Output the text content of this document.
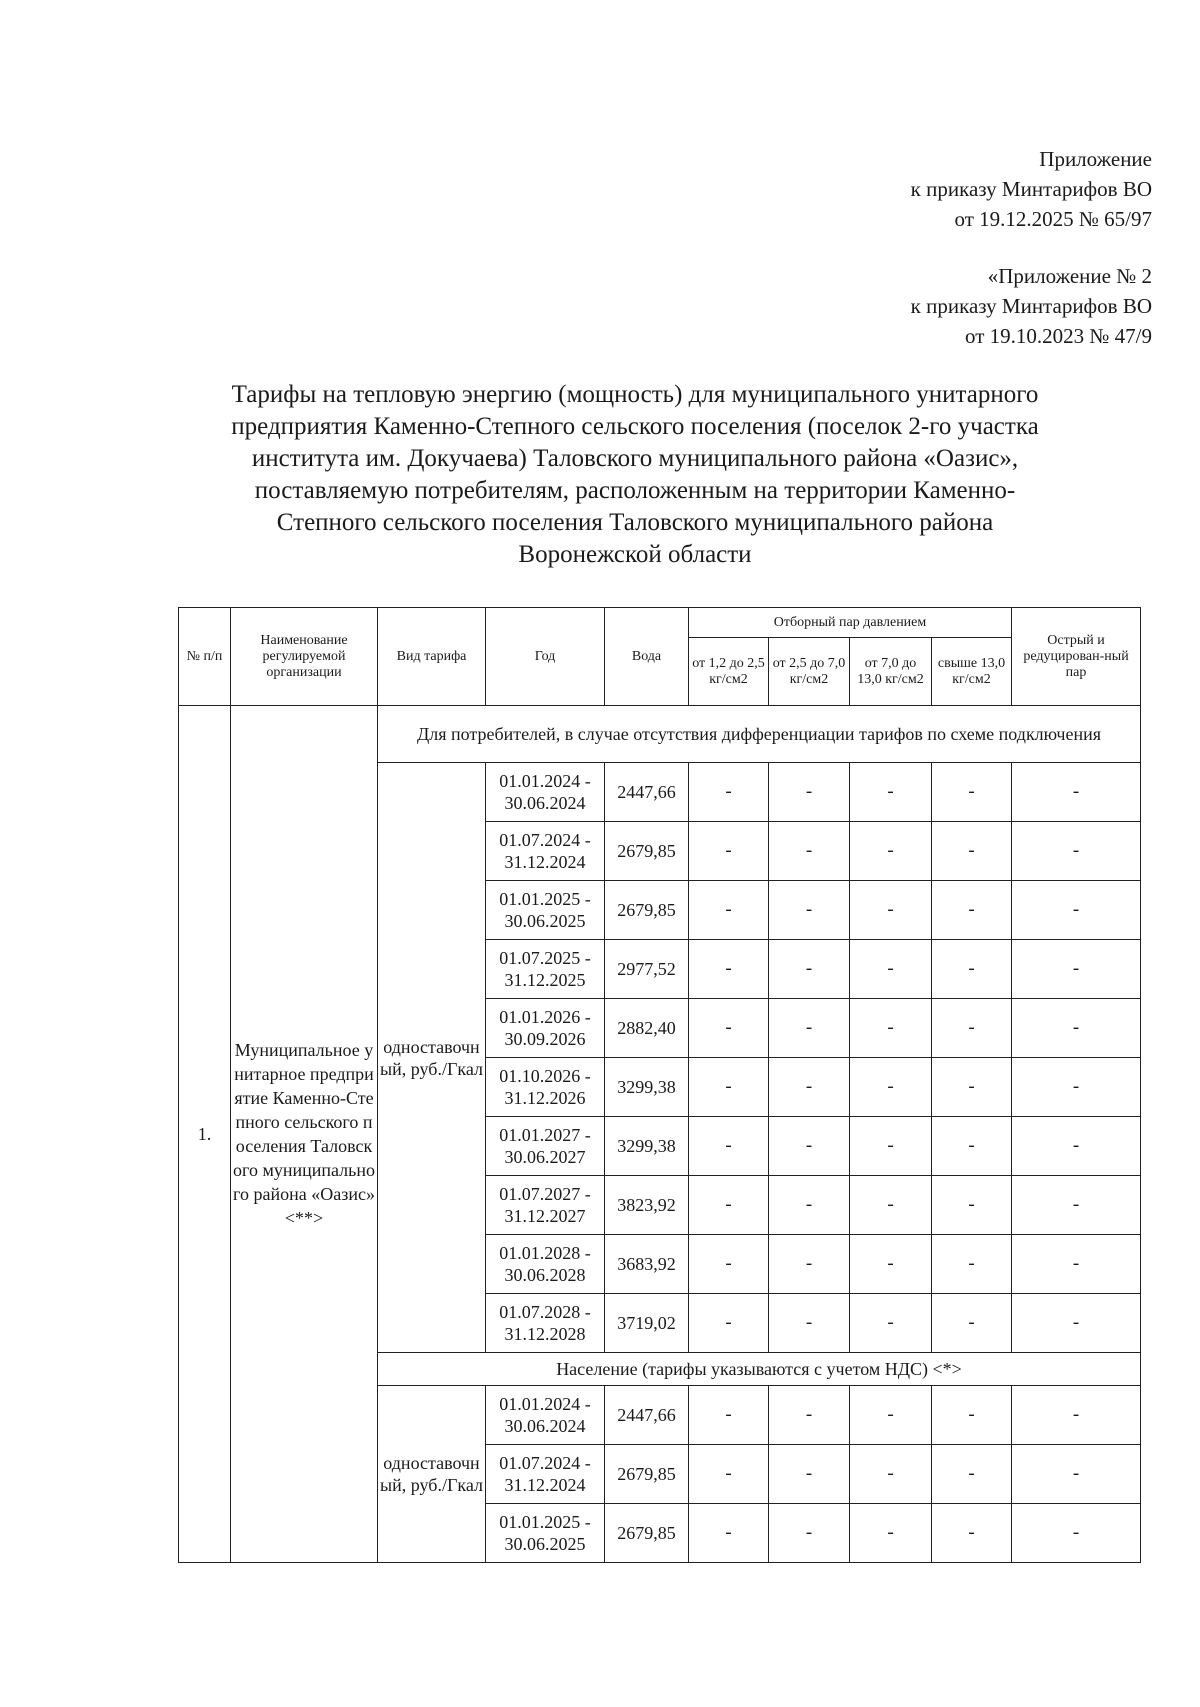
Приложение
к приказу Минтарифов ВО
от 19.12.2025 № 65/97
«Приложение № 2
к приказу Минтарифов ВО
от 19.10.2023 № 47/9
Тарифы на тепловую энергию (мощность) для муниципального унитарного
предприятия Каменно-Степного сельского поселения (поселок 2-го участка
института им. Докучаева) Таловского муниципального района «Оазис»,
поставляемую потребителям, расположенным на территории Каменно-
Степного сельского поселения Таловского муниципального района
Воронежской области
№ п/п	Наименование регулируемой организации	Вид тарифа	Год	Вода	Отборный пар давлением				Острый и редуцирован-ный пар
					от 1,2 до 2,5 кг/см2	от 2,5 до 7,0 кг/см2	от 7,0 до 13,0 кг/см2	свыше 13,0 кг/см2	
1.	Муниципальное унитарное предприятие Каменно-Степного сельского поселения Таловского муниципального района «Оазис» <**>	Для потребителей, в случае отсутствия дифференциации тарифов по схеме подключения							
		одноставочный, руб./Гкал	01.01.2024 - 30.06.2024	2447,66	-	-	-	-	-
			01.07.2024 - 31.12.2024	2679,85	-	-	-	-	-
			01.01.2025 - 30.06.2025	2679,85	-	-	-	-	-
			01.07.2025 - 31.12.2025	2977,52	-	-	-	-	-
			01.01.2026 - 30.09.2026	2882,40	-	-	-	-	-
			01.10.2026 - 31.12.2026	3299,38	-	-	-	-	-
			01.01.2027 - 30.06.2027	3299,38	-	-	-	-	-
			01.07.2027 - 31.12.2027	3823,92	-	-	-	-	-
			01.01.2028 - 30.06.2028	3683,92	-	-	-	-	-
			01.07.2028 - 31.12.2028	3719,02	-	-	-	-	-
		Население (тарифы указываются с учетом НДС) <*>							
		одноставочный, руб./Гкал	01.01.2024 - 30.06.2024	2447,66	-	-	-	-	-
			01.07.2024 - 31.12.2024	2679,85	-	-	-	-	-
			01.01.2025 - 30.06.2025	2679,85	-	-	-	-	-
